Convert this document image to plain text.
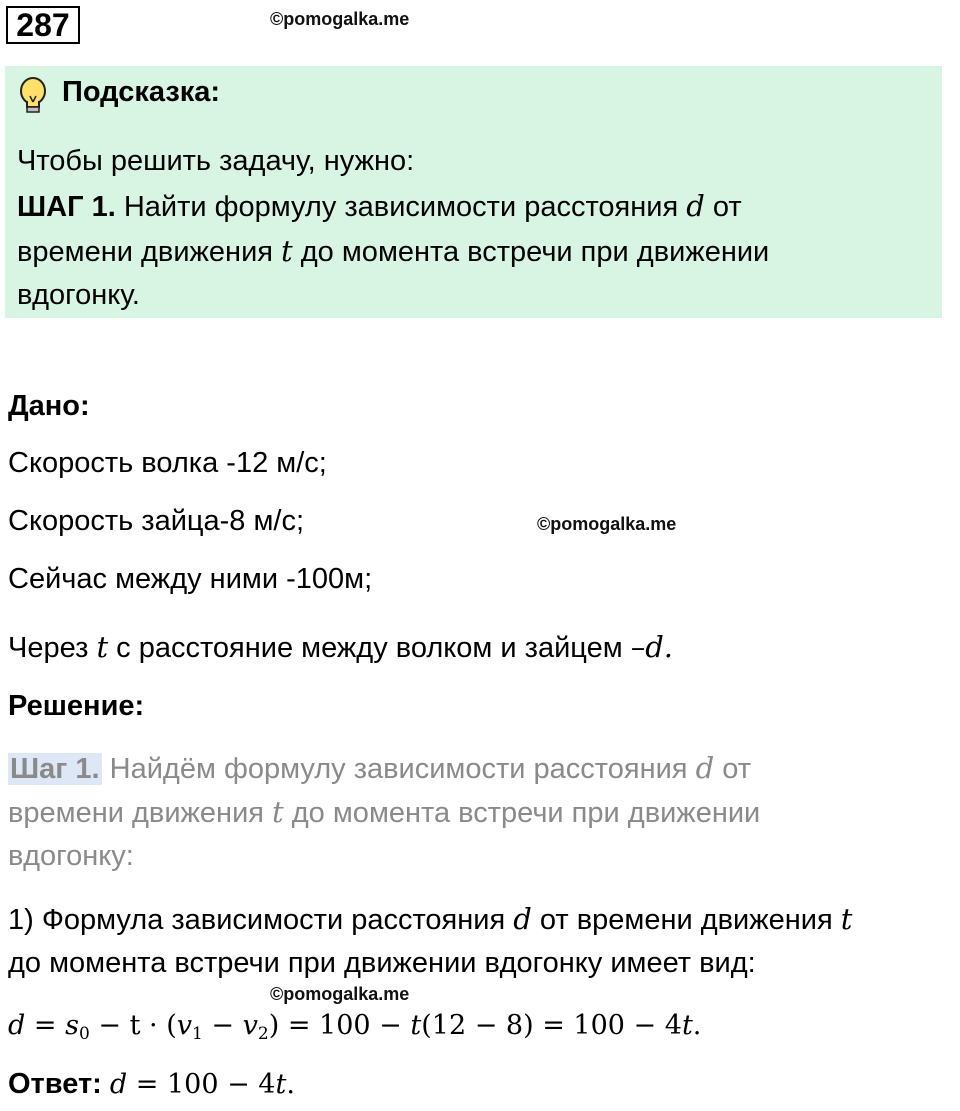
287	©pomogalka.me
Подсказка:
Чтобы решить задачу, нужно:
ШАГ 1. Найти формулу зависимости расстояния d от
времени движения t до момента встречи при движении
вдогонку.
Дано:
Скорость волка -12 м/с;
Скорость зайца-8 м/с;	©pomogalka.me
Сейчас между ними -100м;
Через t с расстояние между волком и зайцем –d.
Решение:
Шаг 1. Найдём формулу зависимости расстояния d от
времени движения t до момента встречи при движении
вдогонку:
1) Формула зависимости расстояния d от времени движения t
до момента встречи при движении вдогонку имеет вид:
©pomogalka.me
$d = s_0 - t \cdot (v_1 - v_2) = 100 - t(12 - 8) = 100 - 4t$.
Ответ: d = 100 − 4t.
